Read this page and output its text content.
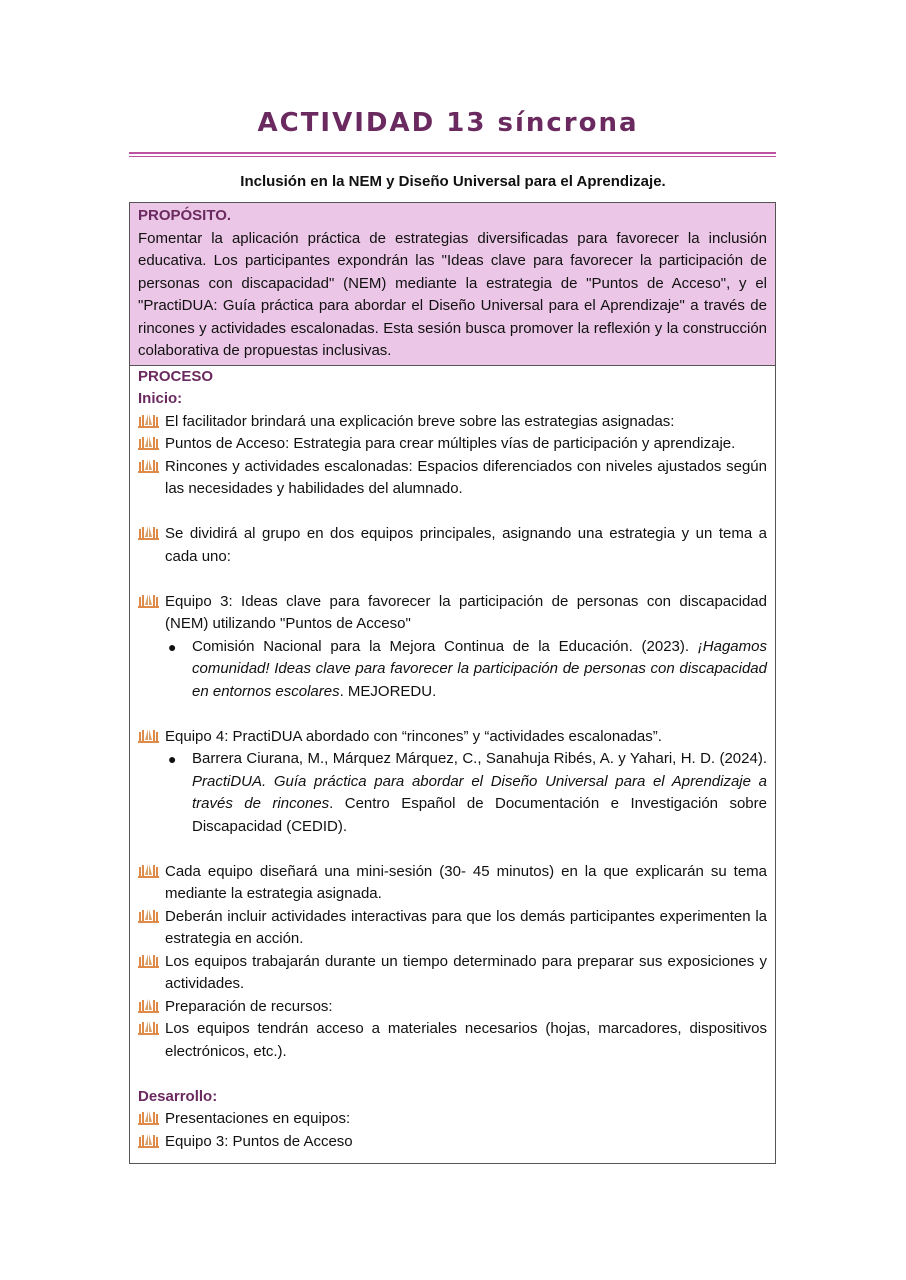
ACTIVIDAD 13 síncrona
Inclusión en la NEM y Diseño Universal para el Aprendizaje.
PROPÓSITO.

Fomentar la aplicación práctica de estrategias diversificadas para favorecer la inclusión educativa. Los participantes expondrán las "Ideas clave para favorecer la participación de personas con discapacidad" (NEM) mediante la estrategia de "Puntos de Acceso", y el "PractiDUA: Guía práctica para abordar el Diseño Universal para el Aprendizaje" a través de rincones y actividades escalonadas. Esta sesión busca promover la reflexión y la construcción colaborativa de propuestas inclusivas.

PROCESO
Inicio:
El facilitador brindará una explicación breve sobre las estrategias asignadas:
Puntos de Acceso: Estrategia para crear múltiples vías de participación y aprendizaje.
Rincones y actividades escalonadas: Espacios diferenciados con niveles ajustados según las necesidades y habilidades del alumnado.
Se dividirá al grupo en dos equipos principales, asignando una estrategia y un tema a cada uno:
Equipo 3: Ideas clave para favorecer la participación de personas con discapacidad (NEM) utilizando "Puntos de Acceso"
● Comisión Nacional para la Mejora Continua de la Educación. (2023). ¡Hagamos comunidad! Ideas clave para favorecer la participación de personas con discapacidad en entornos escolares. MEJOREDU.
Equipo 4: PractiDUA abordado con “rincones” y “actividades escalonadas”.
● Barrera Ciurana, M., Márquez Márquez, C., Sanahuja Ribés, A. y Yahari, H. D. (2024). PractiDUA. Guía práctica para abordar el Diseño Universal para el Aprendizaje a través de rincones. Centro Español de Documentación e Investigación sobre Discapacidad (CEDID).
Cada equipo diseñará una mini-sesión (30- 45 minutos) en la que explicarán su tema mediante la estrategia asignada.
Deberán incluir actividades interactivas para que los demás participantes experimenten la estrategia en acción.
Los equipos trabajarán durante un tiempo determinado para preparar sus exposiciones y actividades.
Preparación de recursos:
Los equipos tendrán acceso a materiales necesarios (hojas, marcadores, dispositivos electrónicos, etc.).
Desarrollo:
Presentaciones en equipos:
Equipo 3: Puntos de Acceso
